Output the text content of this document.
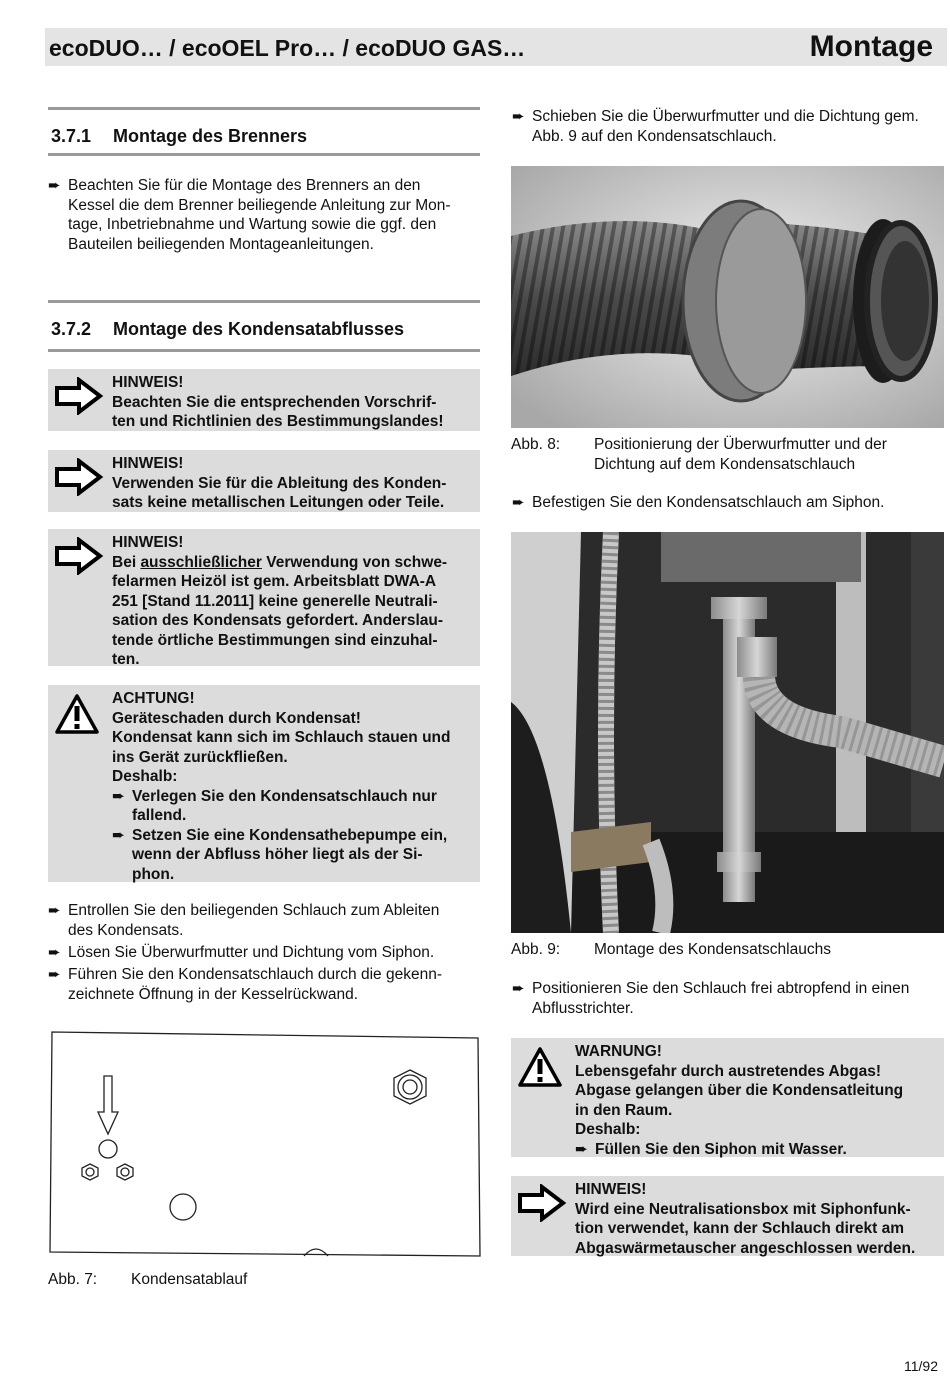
ecoDUO… / ecoOEL Pro… / ecoDUO GAS…	Montage
3.7.1 Montage des Brenners
➨ Beachten Sie für die Montage des Brenners an den
Kessel die dem Brenner beiliegende Anleitung zur Mon-
tage, Inbetriebnahme und Wartung sowie die ggf. den
Bauteilen beiliegenden Montageanleitungen.
3.7.2 Montage des Kondensatabflusses
HINWEIS!
Beachten Sie die entsprechenden Vorschrif-
ten und Richtlinien des Bestimmungslandes!
HINWEIS!
Verwenden Sie für die Ableitung des Konden-
sats keine metallischen Leitungen oder Teile.
HINWEIS!
Bei ausschließlicher Verwendung von schwe-
felarmen Heizöl ist gem. Arbeitsblatt DWA-A
251 [Stand 11.2011] keine generelle Neutrali-
sation des Kondensats gefordert. Anderslau-
tende örtliche Bestimmungen sind einzuhal-
ten.
ACHTUNG!
Geräteschaden durch Kondensat!
Kondensat kann sich im Schlauch stauen und
ins Gerät zurückfließen.
Deshalb:
➨ Verlegen Sie den Kondensatschlauch nur
fallend.
➨ Setzen Sie eine Kondensathebepumpe ein,
wenn der Abfluss höher liegt als der Si-
phon.
➨ Entrollen Sie den beiliegenden Schlauch zum Ableiten
des Kondensats.
➨ Lösen Sie Überwurfmutter und Dichtung vom Siphon.
➨ Führen Sie den Kondensatschlauch durch die gekenn-
zeichnete Öffnung in der Kesselrückwand.
Abb. 7: Kondensatablauf
➨ Schieben Sie die Überwurfmutter und die Dichtung gem.
Abb. 9 auf den Kondensatschlauch.
Abb. 8: Positionierung der Überwurfmutter und der
Dichtung auf dem Kondensatschlauch
➨ Befestigen Sie den Kondensatschlauch am Siphon.
Abb. 9: Montage des Kondensatschlauchs
➨ Positionieren Sie den Schlauch frei abtropfend in einen
Abflusstrichter.
WARNUNG!
Lebensgefahr durch austretendes Abgas!
Abgase gelangen über die Kondensatleitung
in den Raum.
Deshalb:
➨ Füllen Sie den Siphon mit Wasser.
HINWEIS!
Wird eine Neutralisationsbox mit Siphonfunk-
tion verwendet, kann der Schlauch direkt am
Abgaswärmetauscher angeschlossen werden.
11/92
